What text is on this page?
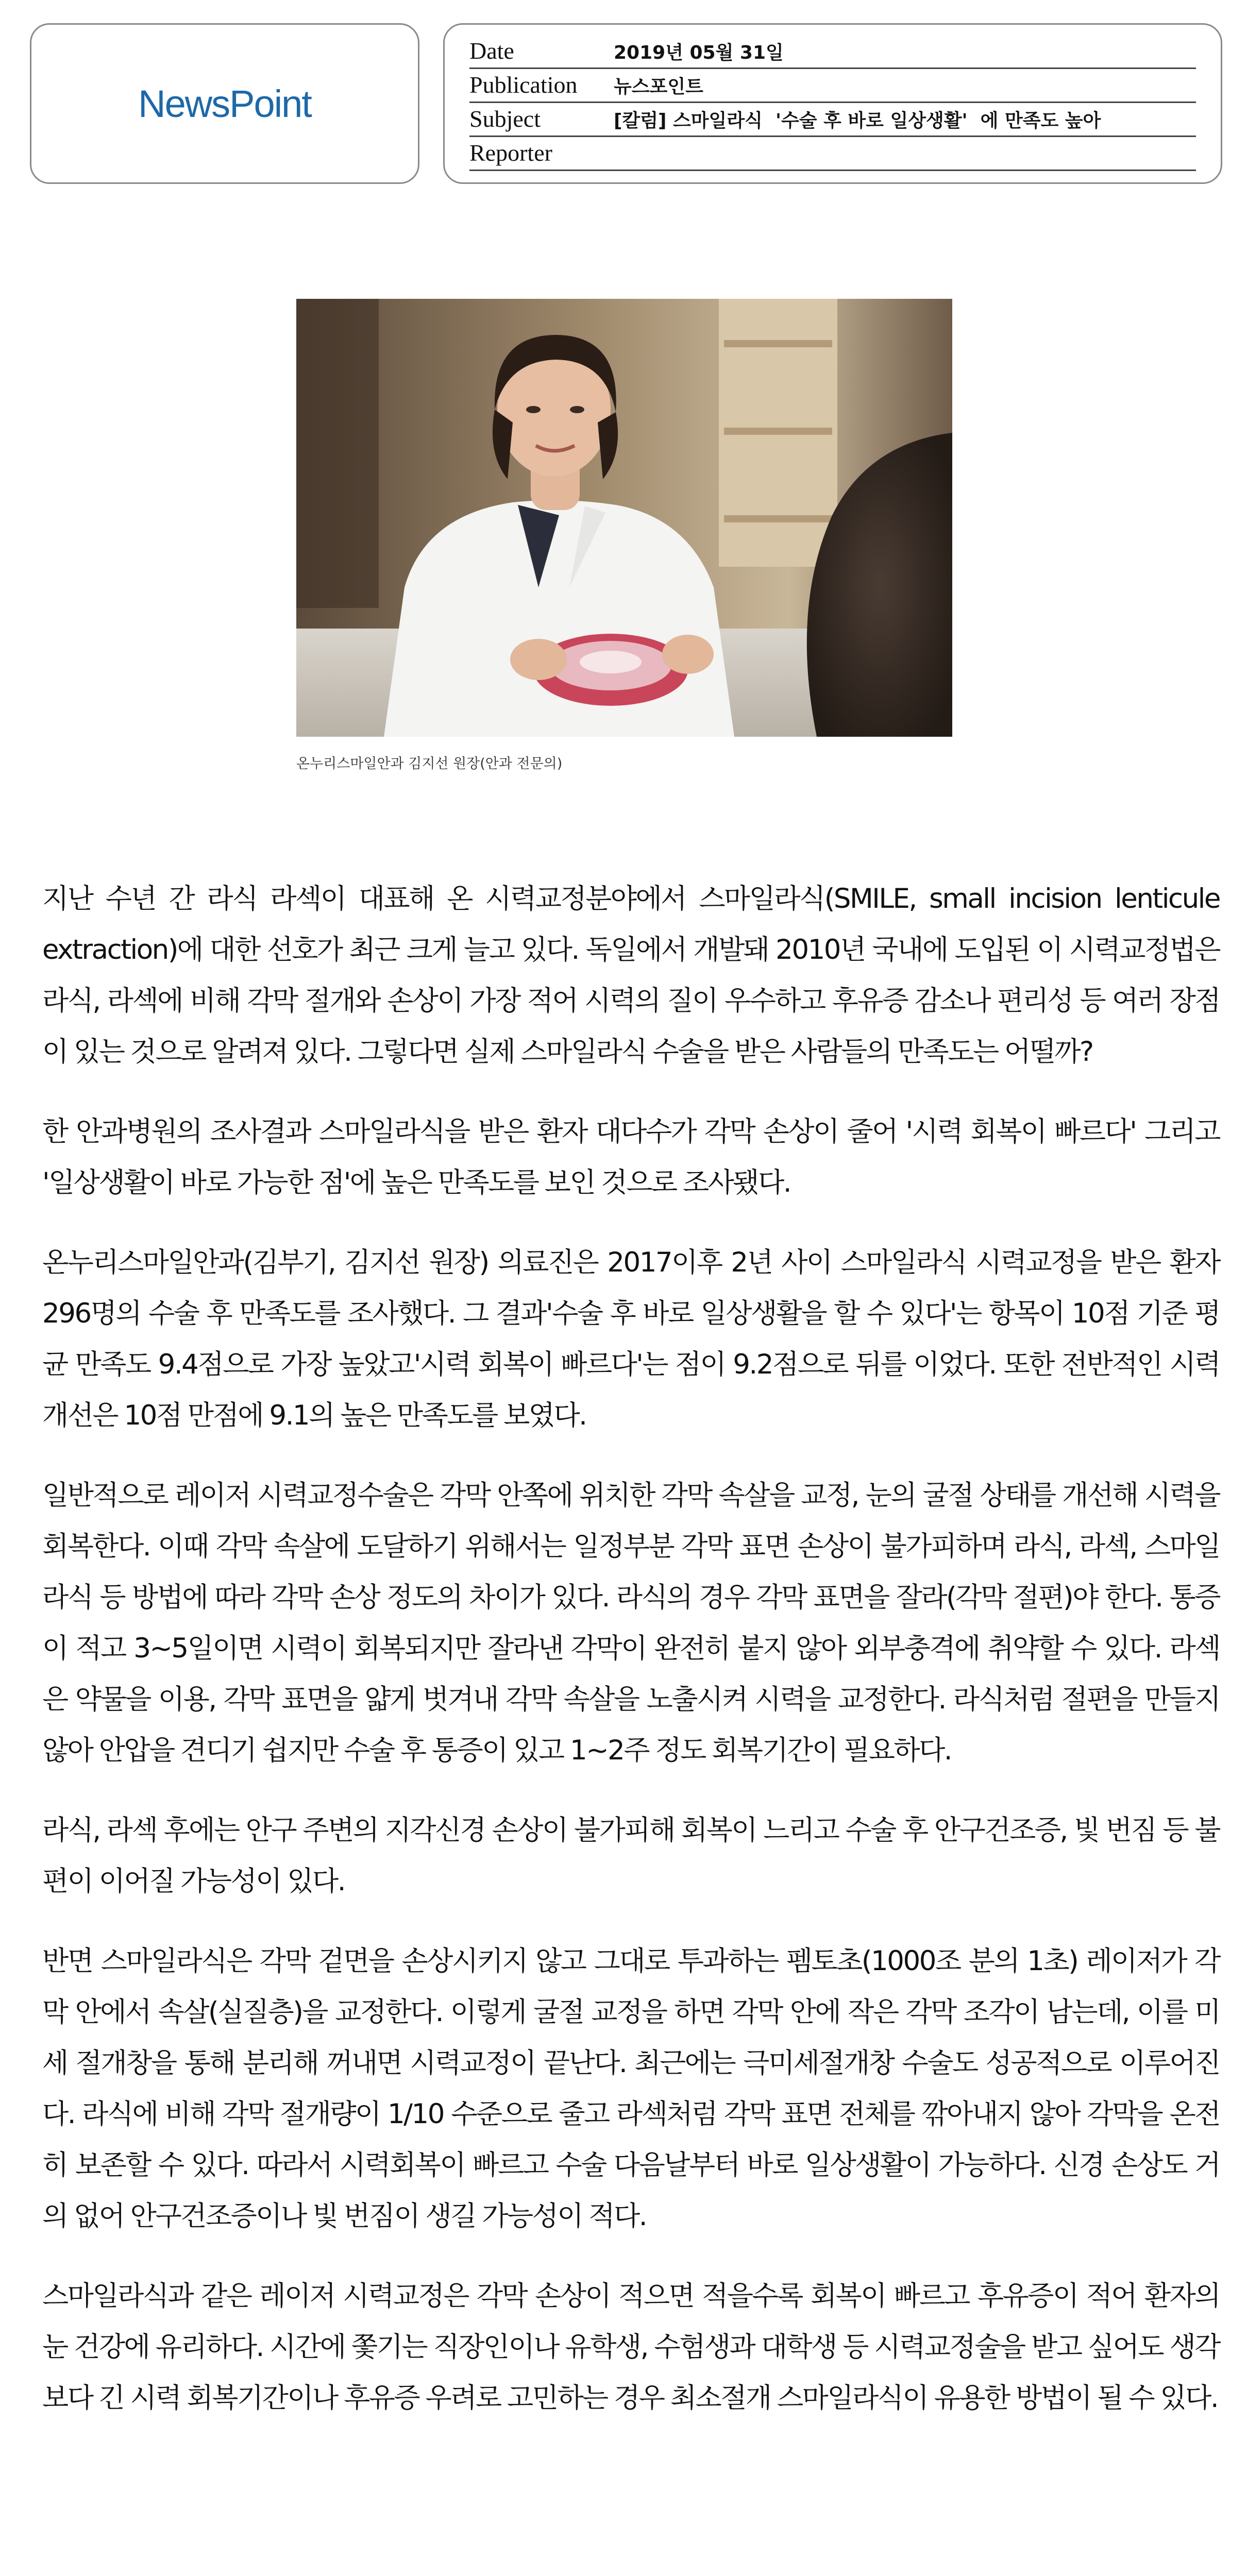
NewsPoint
Date	2019년 05월 31일
Publication	뉴스포인트
Subject	[칼럼] 스마일라식  '수술 후 바로 일상생활'  에 만족도 높아
Reporter
온누리스마일안과 김지선 원장(안과 전문의)

지난 수년 간 라식 라섹이 대표해 온 시력교정분야에서 스마일라식(SMILE, small incision lenticule extraction)에 대한 선호가 최근 크게 늘고 있다. 독일에서 개발돼 2010년 국내에 도입된 이 시력교정법은 라식, 라섹에 비해 각막 절개와 손상이 가장 적어 시력의 질이 우수하고 후유증 감소나 편리성 등 여러 장점이 있는 것으로 알려져 있다. 그렇다면 실제 스마일라식 수술을 받은 사람들의 만족도는 어떨까?

한 안과병원의 조사결과 스마일라식을 받은 환자 대다수가 각막 손상이 줄어 '시력 회복이 빠르다' 그리고 '일상생활이 바로 가능한 점'에 높은 만족도를 보인 것으로 조사됐다.

온누리스마일안과(김부기, 김지선 원장) 의료진은 2017이후 2년 사이 스마일라식 시력교정을 받은 환자 296명의 수술 후 만족도를 조사했다. 그 결과'수술 후 바로 일상생활을 할 수 있다'는 항목이 10점 기준 평균 만족도 9.4점으로 가장 높았고'시력 회복이 빠르다'는 점이 9.2점으로 뒤를 이었다. 또한 전반적인 시력 개선은 10점 만점에 9.1의 높은 만족도를 보였다.

일반적으로 레이저 시력교정수술은 각막 안쪽에 위치한 각막 속살을 교정, 눈의 굴절 상태를 개선해 시력을 회복한다. 이때 각막 속살에 도달하기 위해서는 일정부분 각막 표면 손상이 불가피하며 라식, 라섹, 스마일라식 등 방법에 따라 각막 손상 정도의 차이가 있다. 라식의 경우 각막 표면을 잘라(각막 절편)야 한다. 통증이 적고 3~5일이면 시력이 회복되지만 잘라낸 각막이 완전히 붙지 않아 외부충격에 취약할 수 있다. 라섹은 약물을 이용, 각막 표면을 얇게 벗겨내 각막 속살을 노출시켜 시력을 교정한다. 라식처럼 절편을 만들지 않아 안압을 견디기 쉽지만 수술 후 통증이 있고 1~2주 정도 회복기간이 필요하다.

라식, 라섹 후에는 안구 주변의 지각신경 손상이 불가피해 회복이 느리고 수술 후 안구건조증, 빛 번짐 등 불편이 이어질 가능성이 있다.

반면 스마일라식은 각막 겉면을 손상시키지 않고 그대로 투과하는 펨토초(1000조 분의 1초) 레이저가 각막 안에서 속살(실질층)을 교정한다. 이렇게 굴절 교정을 하면 각막 안에 작은 각막 조각이 남는데, 이를 미세 절개창을 통해 분리해 꺼내면 시력교정이 끝난다. 최근에는 극미세절개창 수술도 성공적으로 이루어진다. 라식에 비해 각막 절개량이 1/10 수준으로 줄고 라섹처럼 각막 표면 전체를 깎아내지 않아 각막을 온전히 보존할 수 있다. 따라서 시력회복이 빠르고 수술 다음날부터 바로 일상생활이 가능하다. 신경 손상도 거의 없어 안구건조증이나 빛 번짐이 생길 가능성이 적다.

스마일라식과 같은 레이저 시력교정은 각막 손상이 적으면 적을수록 회복이 빠르고 후유증이 적어 환자의 눈 건강에 유리하다. 시간에 쫓기는 직장인이나 유학생, 수험생과 대학생 등 시력교정술을 받고 싶어도 생각보다 긴 시력 회복기간이나 후유증 우려로 고민하는 경우 최소절개 스마일라식이 유용한 방법이 될 수 있다.
